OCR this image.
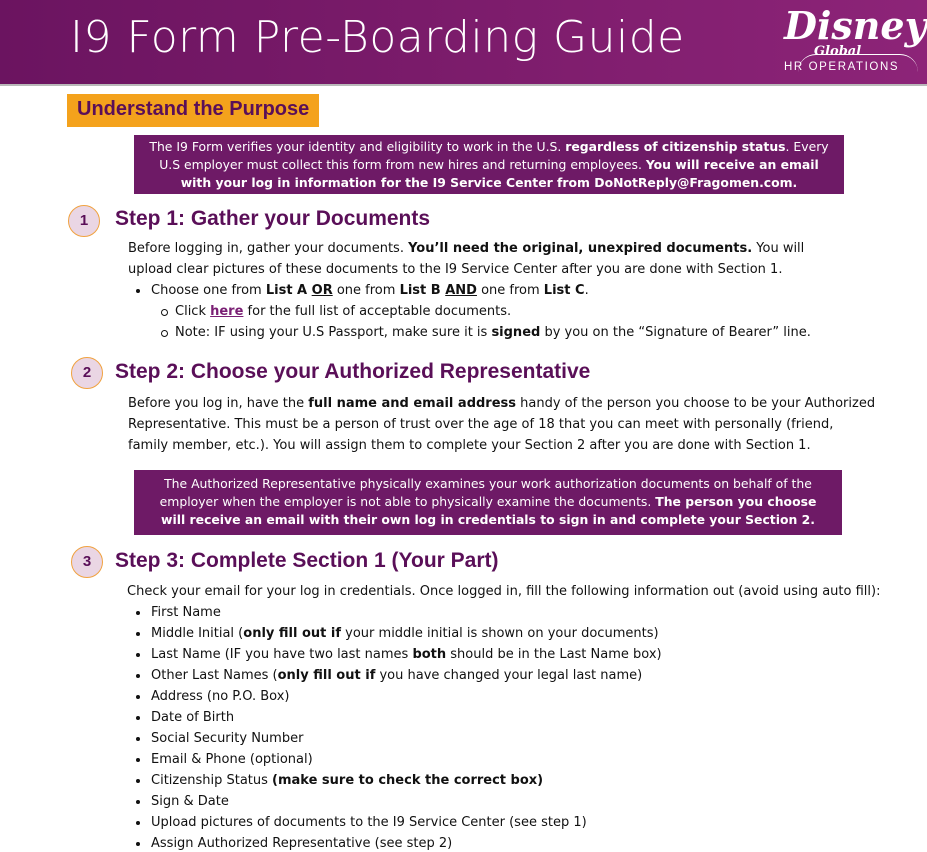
I9 Form Pre-Boarding Guide	Disney
Global
HR OPERATIONS
Understand the Purpose
The I9 Form verifies your identity and eligibility to work in the U.S. regardless of citizenship status. Every
U.S employer must collect this form from new hires and returning employees. You will receive an email
with your log in information for the I9 Service Center from DoNotReply@Fragomen.com.
1	Step 1: Gather your Documents
Before logging in, gather your documents. You’ll need the original, unexpired documents. You will
upload clear pictures of these documents to the I9 Service Center after you are done with Section 1.
Choose one from List A OR one from List B AND one from List C.
Click here for the full list of acceptable documents.
Note: IF using your U.S Passport, make sure it is signed by you on the “Signature of Bearer” line.
2	Step 2: Choose your Authorized Representative
Before you log in, have the full name and email address handy of the person you choose to be your Authorized
Representative. This must be a person of trust over the age of 18 that you can meet with personally (friend,
family member, etc.). You will assign them to complete your Section 2 after you are done with Section 1.
The Authorized Representative physically examines your work authorization documents on behalf of the
employer when the employer is not able to physically examine the documents. The person you choose
will receive an email with their own log in credentials to sign in and complete your Section 2.
3	Step 3: Complete Section 1 (Your Part)
Check your email for your log in credentials. Once logged in, fill the following information out (avoid using auto fill):
First Name
Middle Initial (only fill out if your middle initial is shown on your documents)
Last Name (IF you have two last names both should be in the Last Name box)
Other Last Names (only fill out if you have changed your legal last name)
Address (no P.O. Box)
Date of Birth
Social Security Number
Email & Phone (optional)
Citizenship Status (make sure to check the correct box)
Sign & Date
Upload pictures of documents to the I9 Service Center (see step 1)
Assign Authorized Representative (see step 2)
